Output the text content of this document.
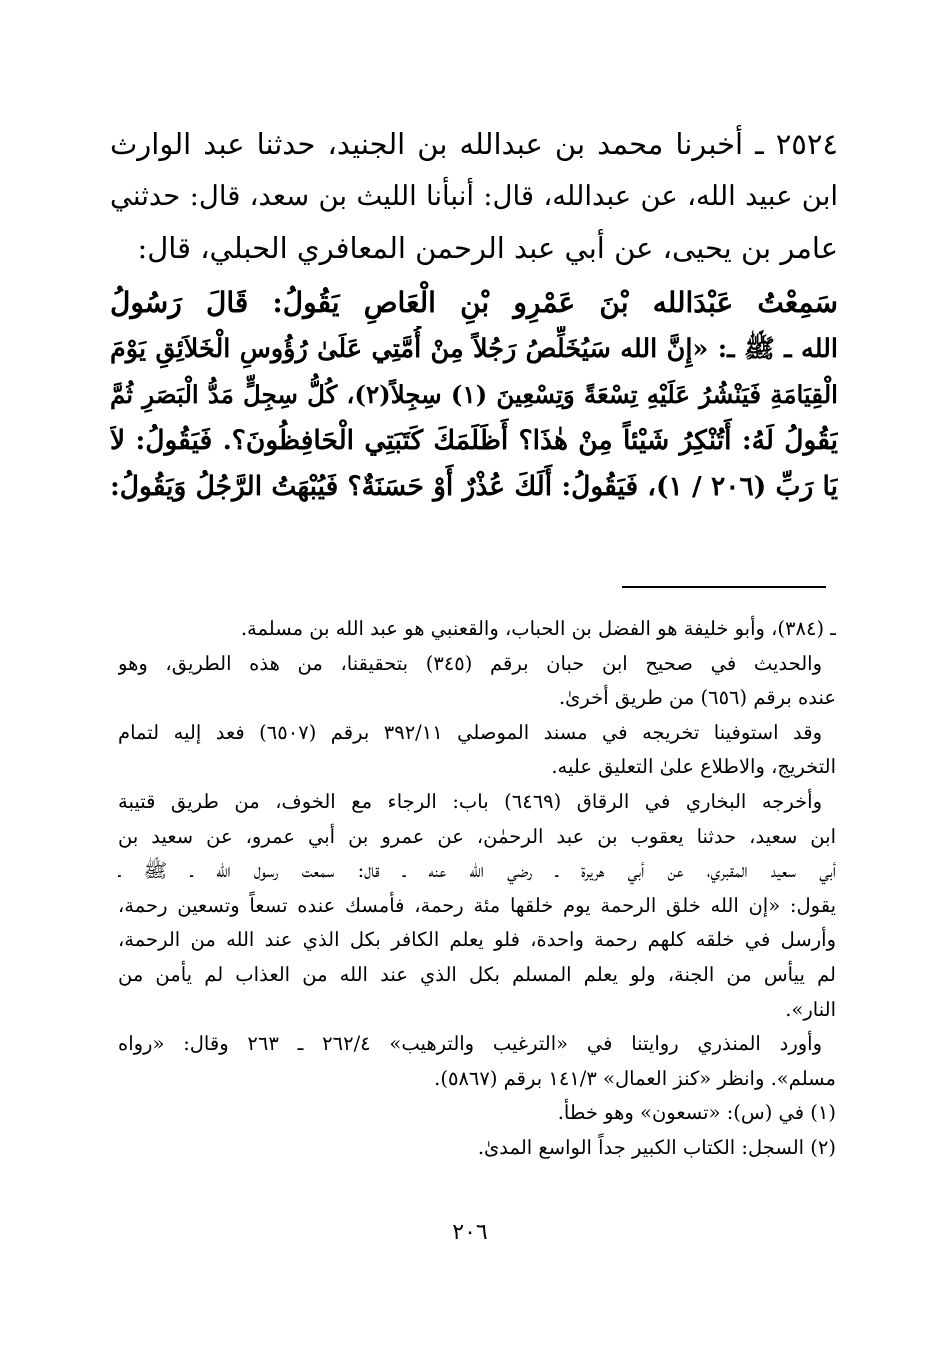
٢٥٢٤ ـ أخبرنا محمد بن عبدالله بن الجنيد، حدثنا عبد الوارث
ابن عبيد الله، عن عبدالله، قال: أنبأنا الليث بن سعد، قال: حدثني
عامر بن يحيى، عن أبي عبد الرحمن المعافري الحبلي، قال:
سَمِعْتُ عَبْدَالله بْنَ عَمْرِو بْنِ الْعَاصِ يَقُولُ: قَالَ رَسُولُ
الله ـ ﷺ ـ: «إِنَّ الله سَيُخَلِّصُ رَجُلاً مِنْ أُمَّتِي عَلَىٰ رُؤُوسِ الْخَلاَئِقِ يَوْمَ
الْقِيَامَةِ فَيَنْشُرُ عَلَيْهِ تِسْعَةً وَتِسْعِينَ (١) سِجِلاً(٢)، كُلُّ سِجِلٍّ مَدُّ الْبَصَرِ ثُمَّ
يَقُولُ لَهُ: أَتُنْكِرُ شَيْئاً مِنْ هٰذَا؟ أَظَلَمَكَ كَتَبَتِي الْحَافِظُونَ؟. فَيَقُولُ: لاَ
يَا رَبِّ (٢٠٦ / ١)، فَيَقُولُ: أَلَكَ عُذْرٌ أَوْ حَسَنَةٌ؟ فَيُبْهَتُ الرَّجُلُ وَيَقُولُ:
ـ (٣٨٤)، وأبو خليفة هو الفضل بن الحباب، والقعنبي هو عبد الله بن مسلمة.
والحديث في صحيح ابن حبان برقم (٣٤٥) بتحقيقنا، من هذه الطريق، وهو
عنده برقم (٦٥٦) من طريق أخرىٰ.
وقد استوفينا تخريجه في مسند الموصلي ٣٩٢/١١ برقم (٦٥٠٧) فعد إليه لتمام
التخريج، والاطلاع علىٰ التعليق عليه.
وأخرجه البخاري في الرقاق (٦٤٦٩) باب: الرجاء مع الخوف، من طريق قتيبة
ابن سعيد، حدثنا يعقوب بن عبد الرحمٰن، عن عمرو بن أبي عمرو، عن سعيد بن
أبي سعيد المقبري، عن أبي هريرة ـ رضي الله عنه ـ قال: سمعت رسول الله ـ ﷺ ـ
يقول: «إن الله خلق الرحمة يوم خلقها مئة رحمة، فأمسك عنده تسعاً وتسعين رحمة،
وأرسل في خلقه كلهم رحمة واحدة، فلو يعلم الكافر بكل الذي عند الله من الرحمة،
لم ييأس من الجنة، ولو يعلم المسلم بكل الذي عند الله من العذاب لم يأمن من
النار».
وأورد المنذري روايتنا في «الترغيب والترهيب» ٢٦٢/٤ ـ ٢٦٣ وقال: «رواه
مسلم». وانظر «كنز العمال» ١٤١/٣ برقم (٥٨٦٧).
(١) في (س): «تسعون» وهو خطأ.
(٢) السجل: الكتاب الكبير جداً الواسع المدىٰ.
٢٠٦
